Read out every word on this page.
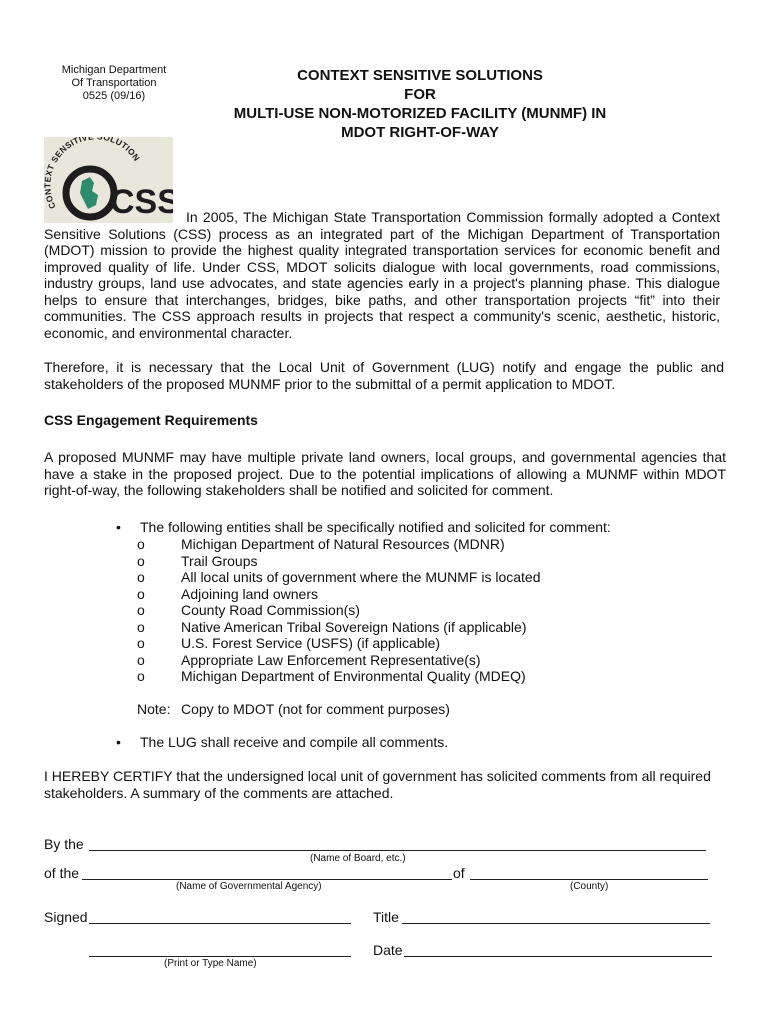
Michigan Department
Of Transportation
0525 (09/16)
CONTEXT SENSITIVE SOLUTIONS
FOR
MULTI-USE NON-MOTORIZED FACILITY (MUNMF) IN
MDOT RIGHT-OF-WAY
CO XT SENSITIV OLUTION
CSS In 2005, The Michigan State Transportation Commission formally adopted a Context Sensitive Solutions (CSS) process as an integrated part of the Michigan Department of Transportation (MDOT) mission to provide the highest quality integrated transportation services for economic benefit and improved quality of life. Under CSS, MDOT solicits dialogue with local governments, road commissions, industry groups, land use advocates, and state agencies early in a project's planning phase. This dialogue helps to ensure that interchanges, bridges, bike paths, and other transportation projects “fit” into their communities. The CSS approach results in projects that respect a community's scenic, aesthetic, historic, economic, and environmental character.
Therefore, it is necessary that the Local Unit of Government (LUG) notify and engage the public and stakeholders of the proposed MUNMF prior to the submittal of a permit application to MDOT.
CSS Engagement Requirements
A proposed MUNMF may have multiple private land owners, local groups, and governmental agencies that have a stake in the proposed project. Due to the potential implications of allowing a MUNMF within MDOT right-of-way, the following stakeholders shall be notified and solicited for comment.
• The following entities shall be specifically notified and solicited for comment:
o	Michigan Department of Natural Resources (MDNR)
o	Trail Groups
o	All local units of government where the MUNMF is located
o	Adjoining land owners
o	County Road Commission(s)
o	Native American Tribal Sovereign Nations (if applicable)
o	U.S. Forest Service (USFS) (if applicable)
o	Appropriate Law Enforcement Representative(s)
o	Michigan Department of Environmental Quality (MDEQ)
Note: Copy to MDOT (not for comment purposes)
• The LUG shall receive and compile all comments.
I HEREBY CERTIFY that the undersigned local unit of government has solicited comments from all required stakeholders. A summary of the comments are attached.
By the
(Name of Board, etc.)
of the	of
(Name of Governmental Agency)	(County)
Signed	Title
(Print or Type Name)
Date
